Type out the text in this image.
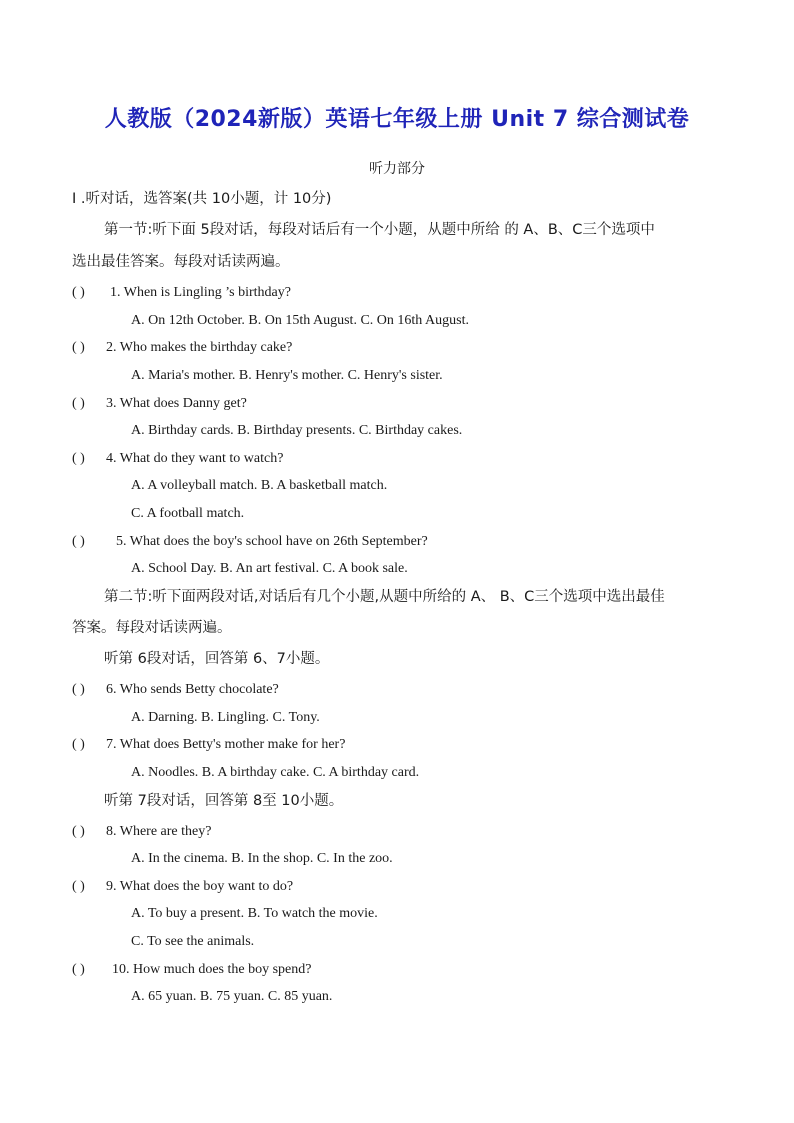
人教版（2024新版）英语七年级上册 Unit 7 综合测试卷
听力部分
I .听对话，选答案(共 10小题，计 10分)
第一节:听下面 5段对话，每段对话后有一个小题，从题中所给 的 A、B、C三个选项中
选出最佳答案。每段对话读两遍。
( ) 1. When is Lingling ’s birthday?
A. On 12th October. B. On 15th August. C. On 16th August.
( ) 2. Who makes the birthday cake?
A. Maria's mother. B. Henry's mother. C. Henry's sister.
( ) 3. What does Danny get?
A. Birthday cards. B. Birthday presents. C. Birthday cakes.
( ) 4. What do they want to watch?
A. A volleyball match. B. A basketball match.
C. A football match.
( ) 5. What does the boy's school have on 26th September?
A. School Day. B. An art festival. C. A book sale.
第二节:听下面两段对话,对话后有几个小题,从题中所给的 A、 B、C三个选项中选出最佳
答案。每段对话读两遍。
听第 6段对话，回答第 6、7小题。
( ) 6. Who sends Betty chocolate?
A. Darning. B. Lingling. C. Tony.
( ) 7. What does Betty's mother make for her?
A. Noodles. B. A birthday cake. C. A birthday card.
听第 7段对话，回答第 8至 10小题。
( ) 8. Where are they?
A. In the cinema. B. In the shop. C. In the zoo.
( ) 9. What does the boy want to do?
A. To buy a present. B. To watch the movie.
C. To see the animals.
( ) 10. How much does the boy spend?
A. 65 yuan. B. 75 yuan. C. 85 yuan.
